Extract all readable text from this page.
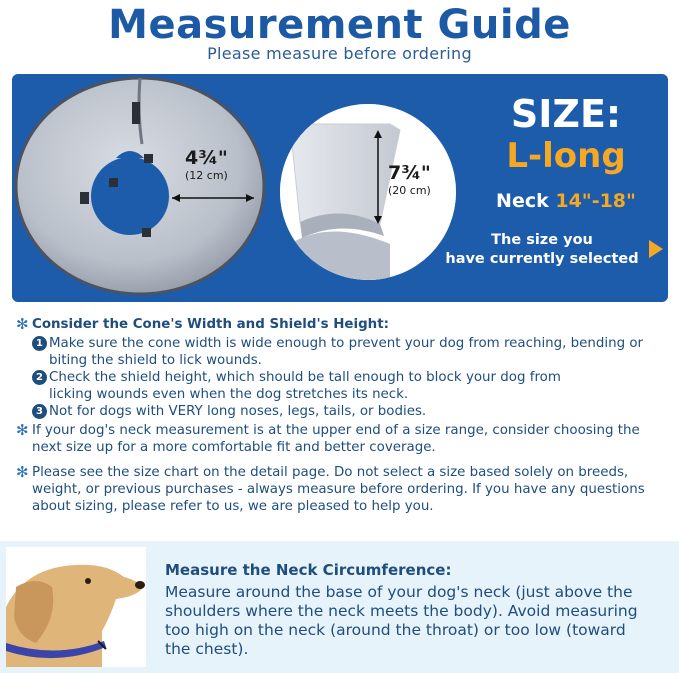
Measurement Guide
Please measure before ordering
4¾"
(12 cm)	7¾"
(20 cm)
SIZE:
L-long
Neck 14"-18"
The size you
have currently selected
✻ Consider the Cone's Width and Shield's Height:
1 Make sure the cone width is wide enough to prevent your dog from reaching, bending or
biting the shield to lick wounds.
2 Check the shield height, which should be tall enough to block your dog from
licking wounds even when the dog stretches its neck.
3 Not for dogs with VERY long noses, legs, tails, or bodies.
✻ If your dog's neck measurement is at the upper end of a size range, consider choosing the
next size up for a more comfortable fit and better coverage.
✻ Please see the size chart on the detail page. Do not select a size based solely on breeds,
weight, or previous purchases - always measure before ordering. If you have any questions
about sizing, please refer to us, we are pleased to help you.
Measure the Neck Circumference:
Measure around the base of your dog's neck (just above the
shoulders where the neck meets the body). Avoid measuring
too high on the neck (around the throat) or too low (toward
the chest).
